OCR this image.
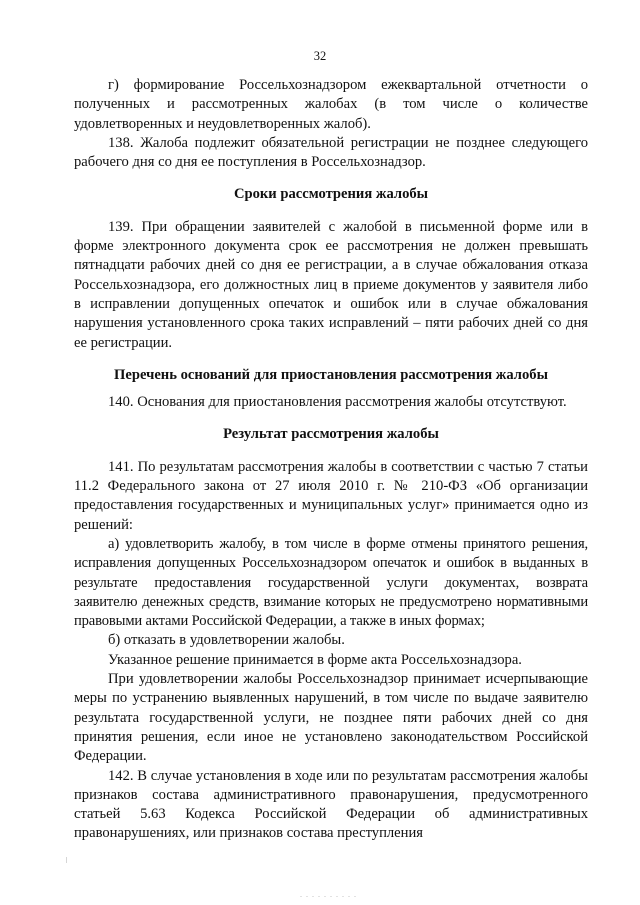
32

г) формирование Россельхознадзором ежеквартальной отчетности о полученных и рассмотренных жалобах (в том числе о количестве удовлетворенных и неудовлетворенных жалоб).

138. Жалоба подлежит обязательной регистрации не позднее следующего рабочего дня со дня ее поступления в Россельхознадзор.

Сроки рассмотрения жалобы

139. При обращении заявителей с жалобой в письменной форме или в форме электронного документа срок ее рассмотрения не должен превышать пятнадцати рабочих дней со дня ее регистрации, а в случае обжалования отказа Россельхознадзора, его должностных лиц в приеме документов у заявителя либо в исправлении допущенных опечаток и ошибок или в случае обжалования нарушения установленного срока таких исправлений – пяти рабочих дней со дня ее регистрации.

Перечень оснований для приостановления рассмотрения жалобы

140. Основания для приостановления рассмотрения жалобы отсутствуют.

Результат рассмотрения жалобы

141. По результатам рассмотрения жалобы в соответствии с частью 7 статьи 11.2 Федерального закона от 27 июля 2010 г. № 210-ФЗ «Об организации предоставления государственных и муниципальных услуг» принимается одно из решений:

а) удовлетворить жалобу, в том числе в форме отмены принятого решения, исправления допущенных Россельхознадзором опечаток и ошибок в выданных в результате предоставления государственной услуги документах, возврата заявителю денежных средств, взимание которых не предусмотрено нормативными правовыми актами Российской Федерации, а также в иных формах;

б) отказать в удовлетворении жалобы.

Указанное решение принимается в форме акта Россельхознадзора.

При удовлетворении жалобы Россельхознадзор принимает исчерпывающие меры по устранению выявленных нарушений, в том числе по выдаче заявителю результата государственной услуги, не позднее пяти рабочих дней со дня принятия решения, если иное не установлено законодательством Российской Федерации.

142. В случае установления в ходе или по результатам рассмотрения жалобы признаков состава административного правонарушения, предусмотренного статьей 5.63 Кодекса Российской Федерации об административных правонарушениях, или признаков состава преступления
